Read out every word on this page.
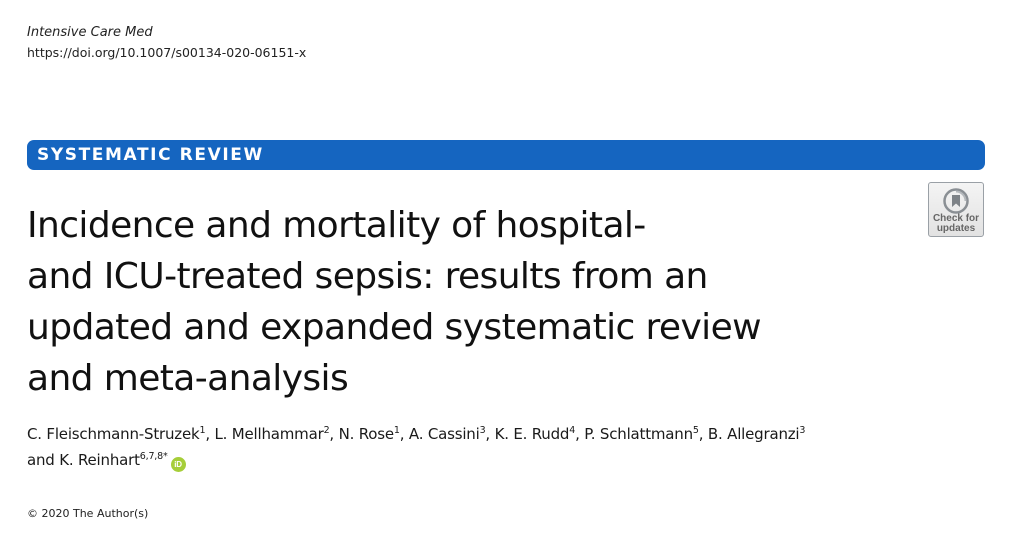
Intensive Care Med
https://doi.org/10.1007/s00134-020-06151-x
SYSTEMATIC REVIEW
Incidence and mortality of hospital-
and ICU-treated sepsis: results from an
updated and expanded systematic review
and meta-analysis
Check for
updates
C. Fleischmann-Struzek$^1$, L. Mellhammar$^2$, N. Rose$^1$, A. Cassini$^3$, K. E. Rudd$^4$, P. Schlattmann$^5$, B. Allegranzi$^3$
and K. Reinhart$^{6,7,8*}$iD
© 2020 The Author(s)
